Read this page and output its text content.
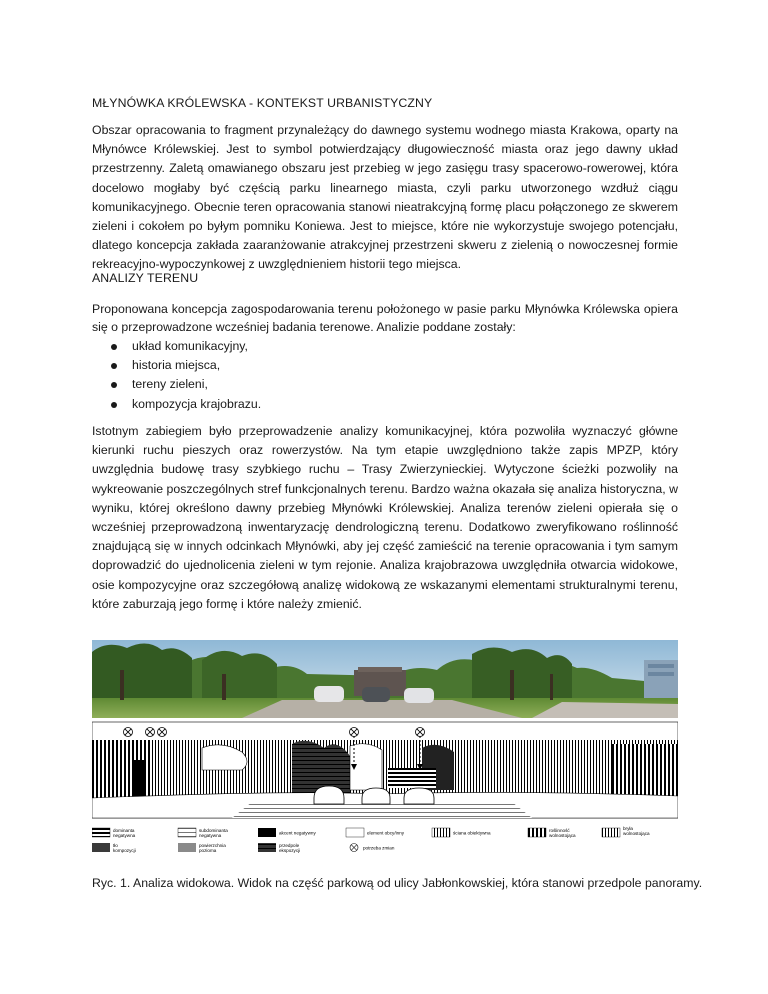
MŁYNÓWKA KRÓLEWSKA - KONTEKST URBANISTYCZNY

Obszar opracowania to fragment przynależący do dawnego systemu wodnego miasta Krakowa, oparty na Młynówce Królewskiej. Jest to symbol potwierdzający długowieczność miasta oraz jego dawny układ przestrzenny. Zaletą omawianego obszaru jest przebieg w jego zasięgu trasy spacerowo-rowerowej, która docelowo mogłaby być częścią parku linearnego miasta, czyli parku utworzonego wzdłuż ciągu komunikacyjnego. Obecnie teren opracowania stanowi nieatrakcyjną formę placu połączonego ze skwerem zieleni i cokołem po byłym pomniku Koniewa. Jest to miejsce, które nie wykorzystuje swojego potencjału, dlatego koncepcja zakłada zaaranżowanie atrakcyjnej przestrzeni skweru z zielenią o nowoczesnej formie rekreacyjno-wypoczynkowej z uwzględnieniem historii tego miejsca.

ANALIZY TERENU

Proponowana koncepcja zagospodarowania terenu położonego w pasie parku Młynówka Królewska opiera się o przeprowadzone wcześniej badania terenowe. Analizie poddane zostały:

układ komunikacyjny,
historia miejsca,
tereny zieleni,
kompozycja krajobrazu.

Istotnym zabiegiem było przeprowadzenie analizy komunikacyjnej, która pozwoliła wyznaczyć główne kierunki ruchu pieszych oraz rowerzystów. Na tym etapie uwzględniono także zapis MPZP, który uwzględnia budowę trasy szybkiego ruchu – Trasy Zwierzynieckiej. Wytyczone ścieżki pozwoliły na wykreowanie poszczególnych stref funkcjonalnych terenu. Bardzo ważna okazała się analiza historyczna, w wyniku, której określono dawny przebieg Młynówki Królewskiej. Analiza terenów zieleni opierała się o wcześniej przeprowadzoną inwentaryzację dendrologiczną terenu. Dodatkowo zweryfikowano roślinność znajdującą się w innych odcinkach Młynówki, aby jej część zamieścić na terenie opracowania i tym samym doprowadzić do ujednolicenia zieleni w tym rejonie. Analiza krajobrazowa uwzględniła otwarcia widokowe, osie kompozycyjne oraz szczegółową analizę widokową ze wskazanymi elementami strukturalnymi terenu, które zaburzają jego formę i które należy zmienić.

dominanta
negatywna
subdominanta
negatywna	akcent negatywny	element obcy/inny	ściana obiektywna	roślinność
wolnostojąca
bryła
wolnostojąca
tło
kompozycji
powierzchnia
pozioma
przedpole
ekspozycji	potrzeba zmian
Ryc. 1. Analiza widokowa. Widok na część parkową od ulicy Jabłonkowskiej, która stanowi przedpole panoramy.
